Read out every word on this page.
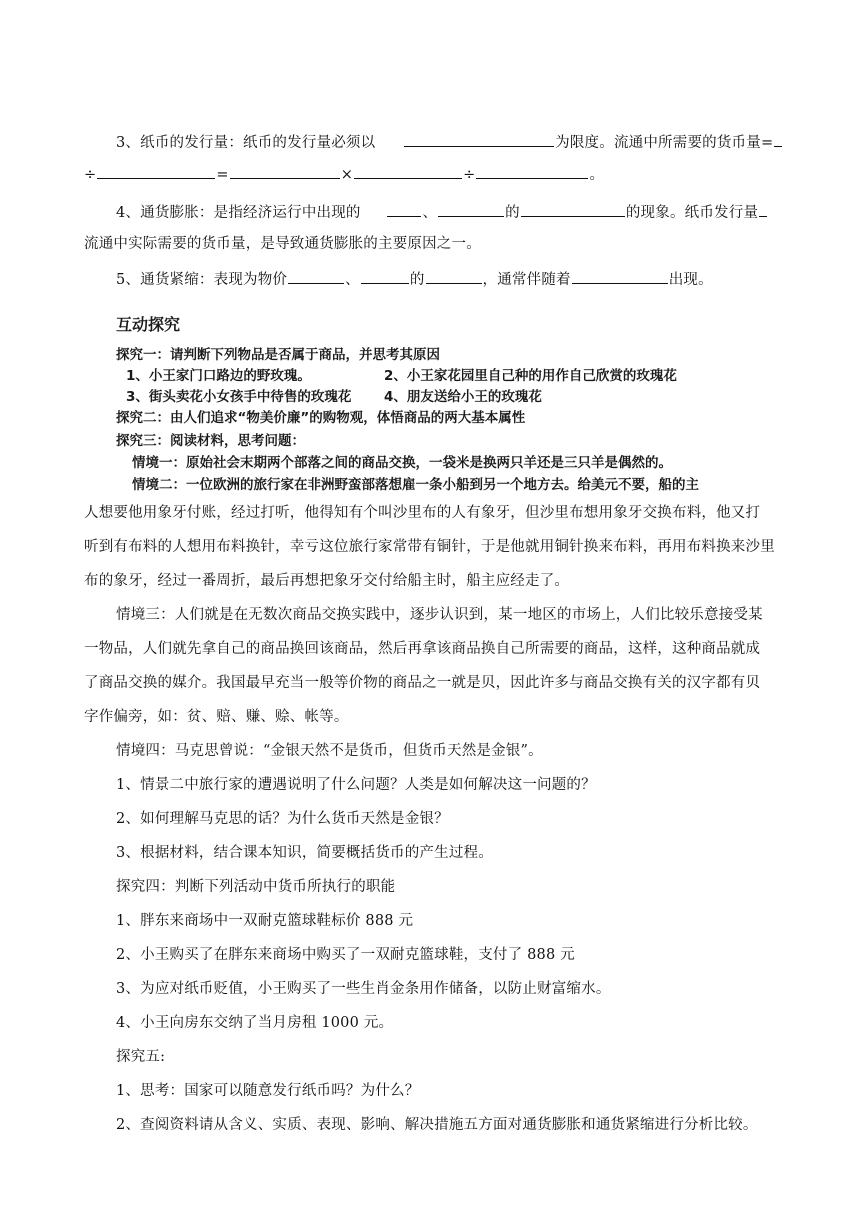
3、纸币的发行量：纸币的发行量必须以	为限度。流通中所需要的货币量=
÷	=	×	÷	。
4、通货膨胀：是指经济运行中出现的	、	的	的现象。纸币发行量
流通中实际需要的货币量，是导致通货膨胀的主要原因之一。
5、通货紧缩：表现为物价	、	的	，通常伴随着	出现。
互动探究
探究一：请判断下列物品是否属于商品，并思考其原因
1、小王家门口路边的野玫瑰。	2、小王家花园里自己种的用作自己欣赏的玫瑰花
3、街头卖花小女孩手中待售的玫瑰花 4、朋友送给小王的玫瑰花
探究二：由人们追求“物美价廉”的购物观，体悟商品的两大基本属性
探究三：阅读材料，思考问题：
情境一：原始社会末期两个部落之间的商品交换，一袋米是换两只羊还是三只羊是偶然的。
情境二：一位欧洲的旅行家在非洲野蛮部落想雇一条小船到另一个地方去。给美元不要，船的主
人想要他用象牙付账，经过打听，他得知有个叫沙里布的人有象牙，但沙里布想用象牙交换布料，他又打
听到有布料的人想用布料换针，幸亏这位旅行家常带有铜针，于是他就用铜针换来布料，再用布料换来沙里
布的象牙，经过一番周折，最后再想把象牙交付给船主时，船主应经走了。
情境三：人们就是在无数次商品交换实践中，逐步认识到，某一地区的市场上，人们比较乐意接受某
一物品，人们就先拿自己的商品换回该商品，然后再拿该商品换自己所需要的商品，这样，这种商品就成
了商品交换的媒介。我国最早充当一般等价物的商品之一就是贝，因此许多与商品交换有关的汉字都有贝
字作偏旁，如：贫、赔、赚、赊、帐等。
情境四：马克思曾说：“金银天然不是货币，但货币天然是金银”。
1、情景二中旅行家的遭遇说明了什么问题？人类是如何解决这一问题的？
2、如何理解马克思的话？为什么货币天然是金银？
3、根据材料，结合课本知识，简要概括货币的产生过程。
探究四：判断下列活动中货币所执行的职能
1、胖东来商场中一双耐克篮球鞋标价 888 元
2、小王购买了在胖东来商场中购买了一双耐克篮球鞋，支付了 888 元
3、为应对纸币贬值，小王购买了一些生肖金条用作储备，以防止财富缩水。
4、小王向房东交纳了当月房租 1000 元。
探究五:
1、思考：国家可以随意发行纸币吗？为什么？
2、查阅资料请从含义、实质、表现、影响、解决措施五方面对通货膨胀和通货紧缩进行分析比较。
